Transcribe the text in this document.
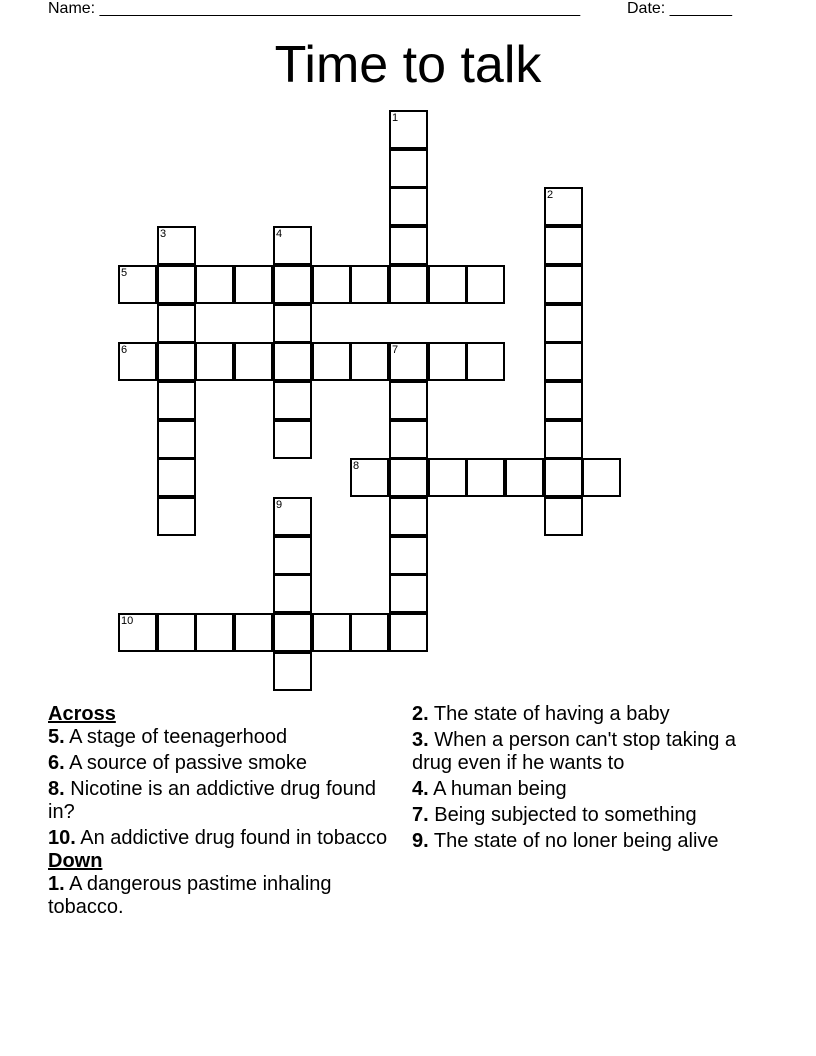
Name: ______________________________________________________	Date: _______
Time to talk
1
2
3	4
5
6	7
8
9
10
Across
5. A stage of teenagerhood
6. A source of passive smoke
8. Nicotine is an addictive drug found in?
10. An addictive drug found in tobacco
Down
1. A dangerous pastime inhaling tobacco.
2. The state of having a baby
3. When a person can't stop taking a drug even if he wants to
4. A human being
7. Being subjected to something
9. The state of no loner being alive
